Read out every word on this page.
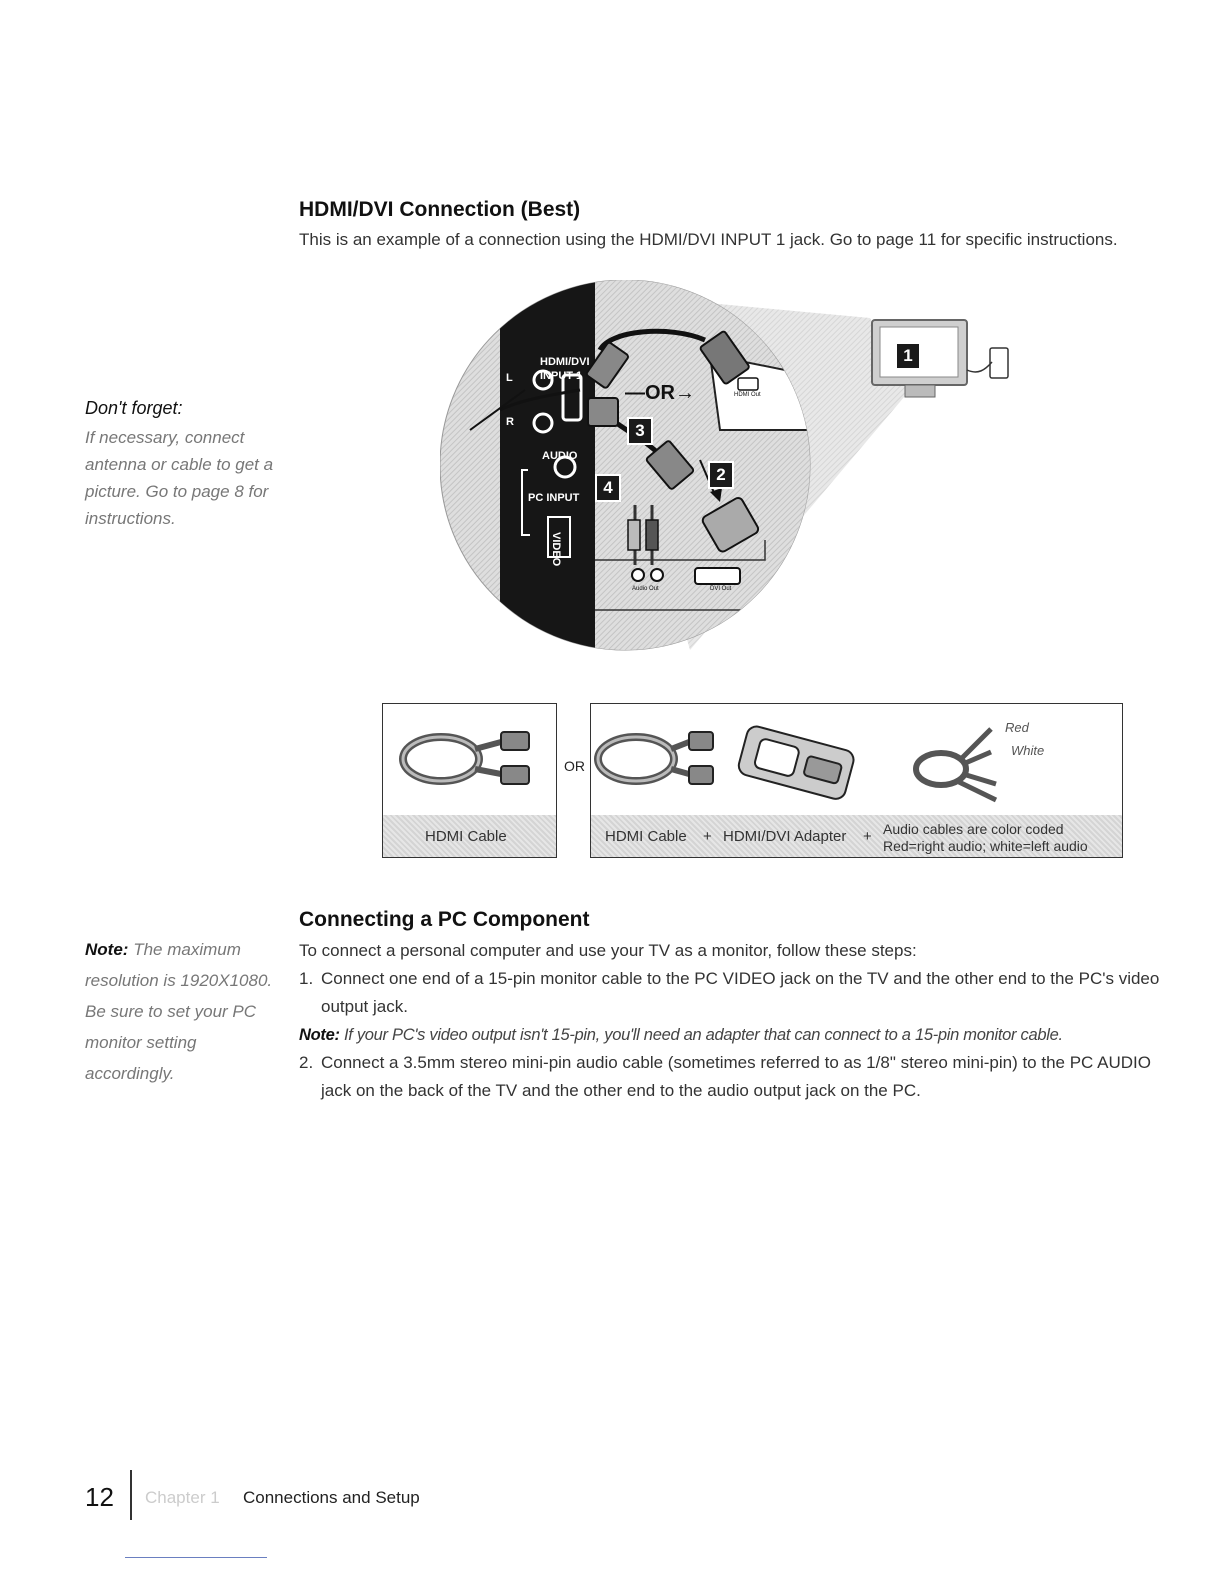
HDMI/DVI Connection (Best)
This is an example of a connection using the HDMI/DVI INPUT 1 jack. Go to page 11 for specific instructions.
Don't forget:
If necessary, connect antenna or cable to get a picture. Go to page 8 for instructions.
HDMI/DVI
INPUT 1
L
R
AUDIO
PC INPUT
VIDEO
—OR→	HDMI Out
Audio Out	DVI Out
1
2
3
4
HDMI Cable
OR
HDMI Cable + HDMI/DVI Adapter + Audio cables are color coded
Red=right audio; white=left audio
Red
White
Connecting a PC Component
Note: The maximum resolution is 1920X1080. Be sure to set your PC monitor setting accordingly.
To connect a personal computer and use your TV as a monitor, follow these steps:
1. Connect one end of a 15-pin monitor cable to the PC VIDEO jack on the TV and the other end to the PC's video output jack.
Note: If your PC's video output isn't 15-pin, you'll need an adapter that can connect to a 15-pin monitor cable.
2. Connect a 3.5mm stereo mini-pin audio cable (sometimes referred to as 1/8" stereo mini-pin) to the PC AUDIO jack on the back of the TV and the other end to the audio output jack on the PC.
12 Chapter 1 Connections and Setup
